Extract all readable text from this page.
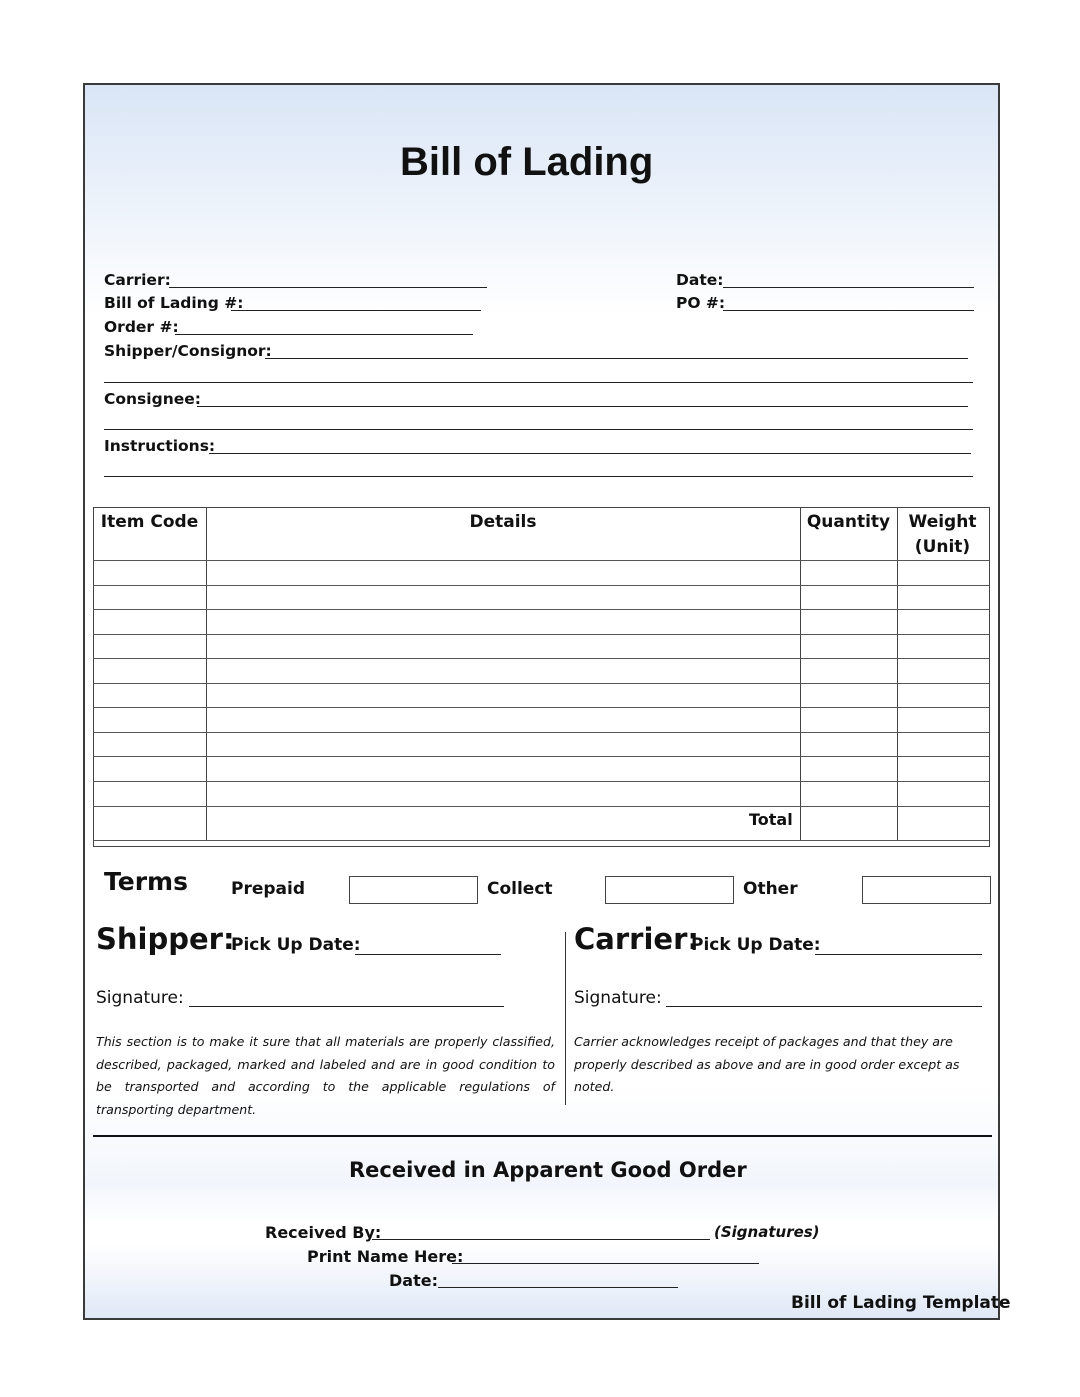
Bill of Lading
Carrier:
Bill of Lading #:
Order #:
Shipper/Consignor:
Consignee:
Instructions:
Date:
PO #:
Item Code	Details	Quantity	Weight
(Unit)
Total
Terms	Prepaid	Collect	Other
Shipper:
Pick Up Date:
Signature:
This section is to make it sure that all materials are properly classified, described, packaged, marked and labeled and are in good condition to be transported and according to the applicable regulations of transporting department.
Carrier:
Pick Up Date:
Signature:
Carrier acknowledges receipt of packages and that they are properly described as above and are in good order except as noted.
Received in Apparent Good Order
Received By:	(Signatures)
Print Name Here:
Date:
Bill of Lading Template
